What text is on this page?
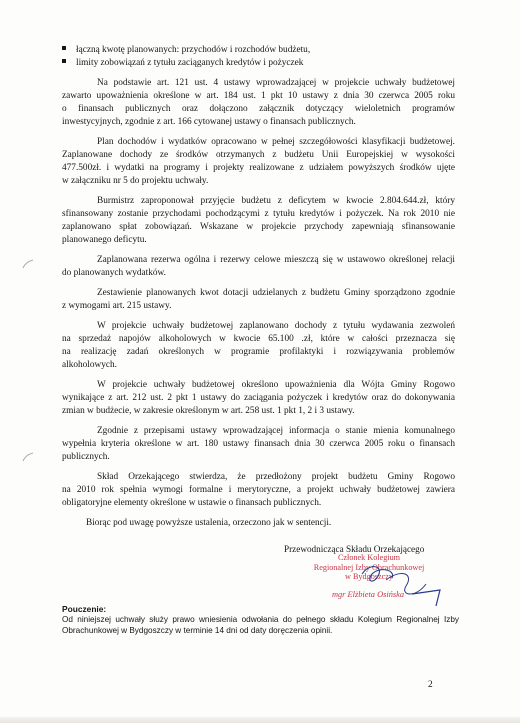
łączną kwotę planowanych: przychodów i rozchodów budżetu,
limity zobowiązań z tytułu zaciąganych kredytów i pożyczek
Na podstawie art. 121 ust. 4 ustawy wprowadzającej w projekcie uchwały budżetowej
zawarto upoważnienia określone w art. 184 ust. 1 pkt 10 ustawy z dnia 30 czerwca 2005 roku
o finansach publicznych oraz dołączono załącznik dotyczący wieloletnich programów
inwestycyjnych, zgodnie z art. 166 cytowanej ustawy o finansach publicznych.
Plan dochodów i wydatków opracowano w pełnej szczegółowości klasyfikacji budżetowej.
Zaplanowane dochody ze środków otrzymanych z budżetu Unii Europejskiej w wysokości
477.500zł. i wydatki na programy i projekty realizowane z udziałem powyższych środków ujęte
w załączniku nr 5 do projektu uchwały.
Burmistrz zaproponował przyjęcie budżetu z deficytem w kwocie 2.804.644.zł, który
sfinansowany zostanie przychodami pochodzącymi z tytułu kredytów i pożyczek. Na rok 2010 nie
zaplanowano spłat zobowiązań. Wskazane w projekcie przychody zapewniają sfinansowanie
planowanego deficytu.
Zaplanowana rezerwa ogólna i rezerwy celowe mieszczą się w ustawowo określonej relacji
do planowanych wydatków.
Zestawienie planowanych kwot dotacji udzielanych z budżetu Gminy sporządzono zgodnie
z wymogami art. 215 ustawy.
W projekcie uchwały budżetowej zaplanowano dochody z tytułu wydawania zezwoleń
na sprzedaż napojów alkoholowych w kwocie 65.100 .zł, które w całości przeznacza się
na realizację zadań określonych w programie profilaktyki i rozwiązywania problemów
alkoholowych.
W projekcie uchwały budżetowej określono upoważnienia dla Wójta Gminy Rogowo
wynikające z art. 212 ust. 2 pkt 1 ustawy do zaciągania pożyczek i kredytów oraz do dokonywania
zmian w budżecie, w zakresie określonym w art. 258 ust. 1 pkt 1, 2 i 3 ustawy.
Zgodnie z przepisami ustawy wprowadzającej informacja o stanie mienia komunalnego
wypełnia kryteria określone w art. 180 ustawy finansach dnia 30 czerwca 2005 roku o finansach
publicznych.
Skład Orzekającego stwierdza, że przedłożony projekt budżetu Gminy Rogowo
na 2010 rok spełnia wymogi formalne i merytoryczne, a projekt uchwały budżetowej zawiera
obligatoryjne elementy określone w ustawie o finansach publicznych.
Biorąc pod uwagę powyższe ustalenia, orzeczono jak w sentencji.
Przewodnicząca Składu Orzekającego
Członek Kolegium
Regionalnej Izby Obrachunkowej
w Bydgoszczy
mgr Elżbieta Osińska
Pouczenie:
Od niniejszej uchwały służy prawo wniesienia odwołania do pełnego składu Kolegium Regionalnej Izby
Obrachunkowej w Bydgoszczy w terminie 14 dni od daty doręczenia opinii.
2
